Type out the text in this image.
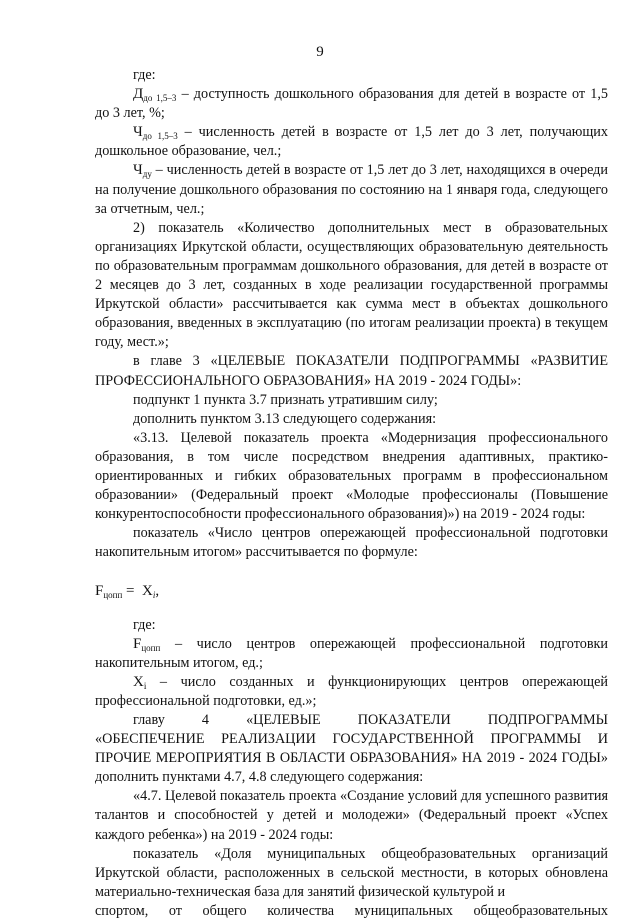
9

где:

$Д_{до 1,5-3}$ – доступность дошкольного образования для детей в возрасте от 1,5 до 3 лет, %;

$Ч_{до 1,5-3}$ – численность детей в возрасте от 1,5 лет до 3 лет, получающих дошкольное образование, чел.;

$Ч_{ду}$ – численность детей в возрасте от 1,5 лет до 3 лет, находящихся в очереди на получение дошкольного образования по состоянию на 1 января года, следующего за отчетным, чел.;

2) показатель «Количество дополнительных мест в образовательных организациях Иркутской области, осуществляющих образовательную деятельность по образовательным программам дошкольного образования, для детей в возрасте от 2 месяцев до 3 лет, созданных в ходе реализации государственной программы Иркутской области» рассчитывается как сумма мест в объектах дошкольного образования, введенных в эксплуатацию (по итогам реализации проекта) в текущем году, мест.»;

в главе 3 «ЦЕЛЕВЫЕ ПОКАЗАТЕЛИ ПОДПРОГРАММЫ «РАЗВИТИЕ ПРОФЕССИОНАЛЬНОГО ОБРАЗОВАНИЯ» НА 2019 - 2024 ГОДЫ»:

подпункт 1 пункта 3.7 признать утратившим силу;

дополнить пунктом 3.13 следующего содержания:

«3.13. Целевой показатель проекта «Модернизация профессионального образования, в том числе посредством внедрения адаптивных, практико-ориентированных и гибких образовательных программ в профессиональном образовании» (Федеральный проект «Молодые профессионалы (Повышение конкурентоспособности профессионального образования)») на 2019 - 2024 годы:

показатель «Число центров опережающей профессиональной подготовки накопительным итогом» рассчитывается по формуле:

$F_{цопп} = X_i$,

где:

$F_{цопп}$ – число центров опережающей профессиональной подготовки накопительным итогом, ед.;

$X_i$ – число созданных и функционирующих центров опережающей профессиональной подготовки, ед.»;

главу 4 «ЦЕЛЕВЫЕ ПОКАЗАТЕЛИ ПОДПРОГРАММЫ
«ОБЕСПЕЧЕНИЕ РЕАЛИЗАЦИИ ГОСУДАРСТВЕННОЙ ПРОГРАММЫ И ПРОЧИЕ МЕРОПРИЯТИЯ В ОБЛАСТИ ОБРАЗОВАНИЯ» НА 2019 - 2024 ГОДЫ» дополнить пунктами 4.7, 4.8 следующего содержания:

«4.7. Целевой показатель проекта «Создание условий для успешного развития талантов и способностей у детей и молодежи» (Федеральный проект «Успех каждого ребенка») на 2019 - 2024 годы:

показатель «Доля муниципальных общеобразовательных организаций Иркутской области, расположенных в сельской местности, в которых обновлена материально-техническая база для занятий физической культурой и
спортом, от общего количества муниципальных общеобразовательных
